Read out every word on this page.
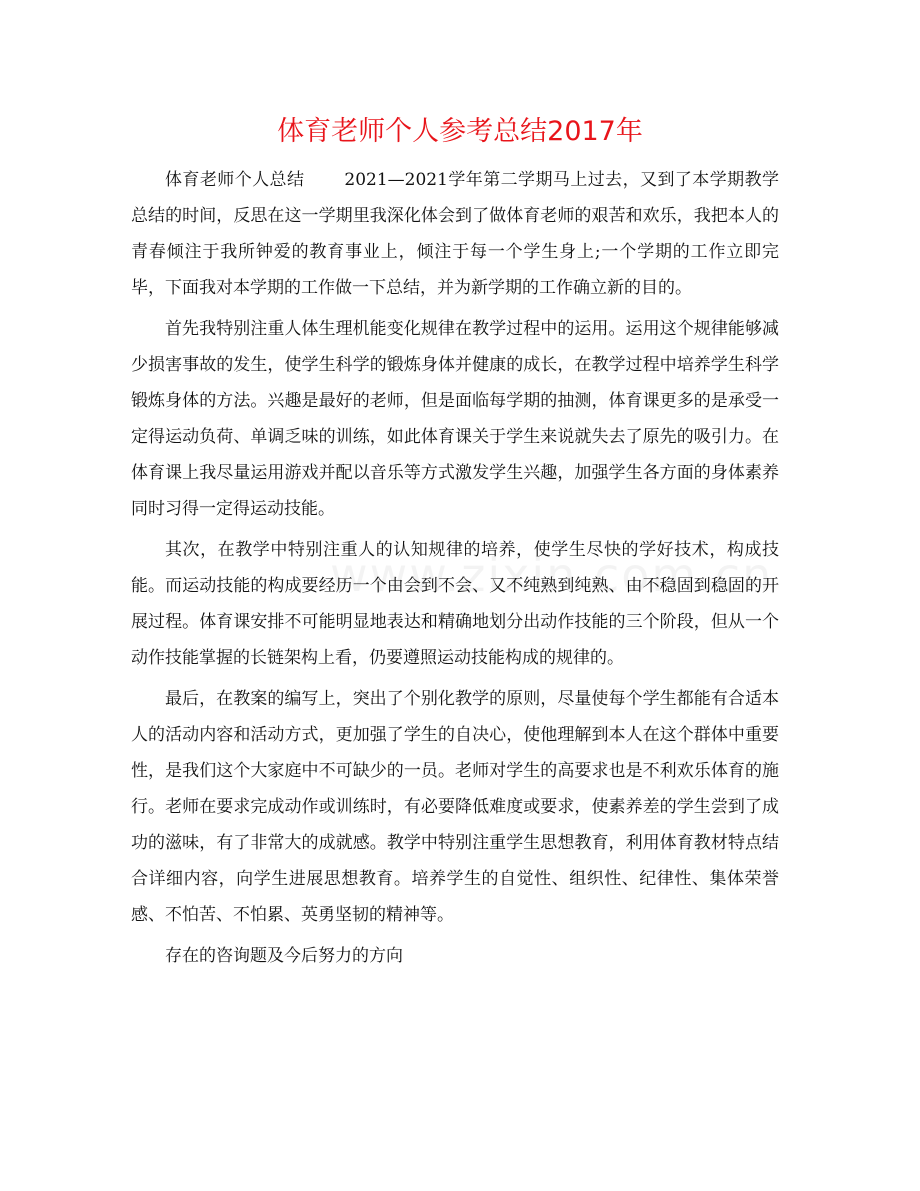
体育老师个人参考总结2017年

体育老师个人总结 2021—2021学年第二学期马上过去，又到了本学期教学总结的时间，反思在这一学期里我深化体会到了做体育老师的艰苦和欢乐，我把本人的青春倾注于我所钟爱的教育事业上，倾注于每一个学生身上;一个学期的工作立即完毕，下面我对本学期的工作做一下总结，并为新学期的工作确立新的目的。

首先我特别注重人体生理机能变化规律在教学过程中的运用。运用这个规律能够减少损害事故的发生，使学生科学的锻炼身体并健康的成长，在教学过程中培养学生科学锻炼身体的方法。兴趣是最好的老师，但是面临每学期的抽测，体育课更多的是承受一定得运动负荷、单调乏味的训练，如此体育课关于学生来说就失去了原先的吸引力。在体育课上我尽量运用游戏并配以音乐等方式激发学生兴趣，加强学生各方面的身体素养同时习得一定得运动技能。

其次，在教学中特别注重人的认知规律的培养，使学生尽快的学好技术，构成技能。而运动技能的构成要经历一个由会到不会、又不纯熟到纯熟、由不稳固到稳固的开展过程。体育课安排不可能明显地表达和精确地划分出动作技能的三个阶段，但从一个动作技能掌握的长链架构上看，仍要遵照运动技能构成的规律的。

最后，在教案的编写上，突出了个别化教学的原则，尽量使每个学生都能有合适本人的活动内容和活动方式，更加强了学生的自决心，使他理解到本人在这个群体中重要性，是我们这个大家庭中不可缺少的一员。老师对学生的高要求也是不利欢乐体育的施行。老师在要求完成动作或训练时，有必要降低难度或要求，使素养差的学生尝到了成功的滋味，有了非常大的成就感。教学中特别注重学生思想教育，利用体育教材特点结合详细内容，向学生进展思想教育。培养学生的自觉性、组织性、纪律性、集体荣誉感、不怕苦、不怕累、英勇坚韧的精神等。

存在的咨询题及今后努力的方向
